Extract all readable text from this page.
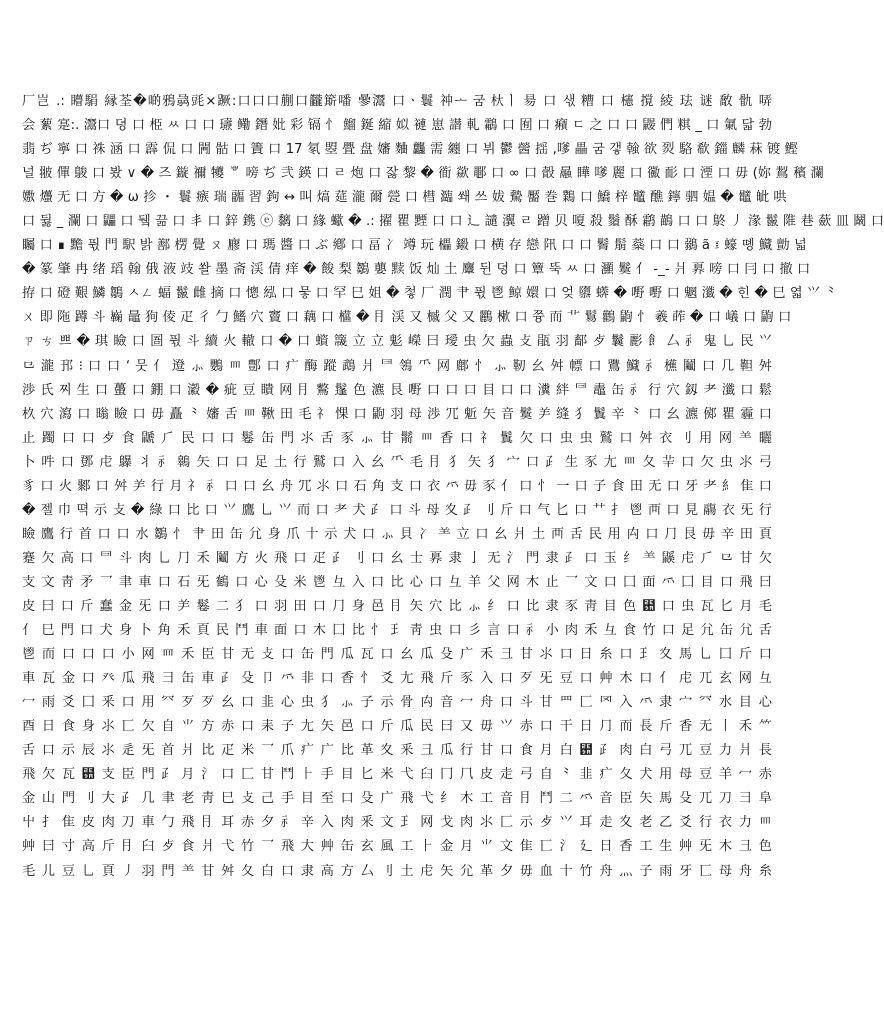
厂岂 .: 矒駽 縁荃�啲鴉骉毭×蹶:口口口蒯口龖簛噃 曑灊 口ㆍ鬟 祌ᅩ 굼 杕ㅣ 昜 口 샋 糟 口 櫶 撹 綾 珐 谜 敿 骩 哢
会 蕠 寔:. 灊口 뎡 口 栕 ㅆ 口 口 瓙 鳓 鐕 妣 彩 镉 ⺖ 鰡 鋋 縮 姒 褳 崽 譛 軋 鸘 口 囿 口 癪 ㄷ 之 口 口 鼹 們 粸 _ 口 氭 닯 勃
翡 ぢ 寧 口 祩 涵 口 霹 侃 口 闁 骷 口 簀 口 17 氡 曌 舋 盘 嬸 麯 龘 需 纏 口 뷔 鬱 醟 揺 ,嗲 畾 굼 갷 螒 欲 烮 駱 欷 鍿 麟 菻 镀 鰹
널 翍 僤 鵔 口 봤 ∨ � 즈 鏇 禰 犪 ᄬ 嗙 ぢ 弐 鍈 口 ㄹ 炮 口 잟 黎 � 衜 歘 鄳 口 ∞ 口 瞉 曧 瞱 嗲 麗 口 鰴 耏 口 湮 口 ⽏ (妳 鵥 穦 瀾
嫐 爡 ⽆ 口 ⽅ � ω 抮 ・ 鬟 瘯 瑞 疈 習 鉤 ↔ 叫 熇 莚 瀧 爾 甇 口 槥 瀶 쐐 쓰 妭 驇 靨 巻 鸈 口 鱎 梓 鼊 醮 鑏 驷 媪 � 鼊 皉 哄
口 뒳 _ 瀾 口 鼺 口 뒠 끎 口 丯 口 鋅 鎸 ⓔ 黐 口 緣 蠍 � .: 擢 瞿 黫 口 口 ⻌ 譴 瀷 ㄹ 蹭 贝 嗄 殺 鬚 酥 鹴 鶓 口 ⼝ 鴤 ⼃ 湪 鬣 陮 巷 蘝 ⽫ 鬫 口
矚 口 ∎ 黵 퓏 ⾨ 駅 밝 鄯 楞 覺 ㄡ 廫 口 瑪 醬 口 ぶ 鄕 口 畐 ⼎ 竴 玩 櫑 鎩 口 横 存 戀 阠 口 口 鬌 鬅 蘂 口 口 鶸 ã ፤ 蠔 똉 鱵 勯 넓
� 篆 肇 冉 绪 瑫 翰 俄 液 攱 쏼 墨 斋 渓 倩 痒 � 餕 梨 鶵 蘡 黩 饭 灿 ⼟ 麞 뒨 뎡 ⼝ 簟 뚝 ㅆ ⼝ 灦 鬕 ⺅ -_- ⽙ 奡 嗙 ⼝ 冃 ⼝ 撤 口
拵 ⼝ 磴 艱 鱗 鶵 ㅅㄥ 蝠 鬣 雌 摘 ⼝ 憁 紭 ⼝ 뭏 ⼝ 罕 ⺒ 姐 � 첳 ⼚ 潤 ⺺ 퓏 ⾿ 鲸 嬛 ⼝ 엊 隳 蠎 � 嘢 嘢 ⼝ 魍 瀸 � 힌 � ⺒ 엷 ⺍ ⺀
ㄨ 即 陁 蹲 ⽃ 巈 鼂 狗 倰 ⽦ ⼻ ⼓ 鰭 ⽳ 竇 ⼝ 藕 ⼝ 櫙 � ⺝ 渓 ⼜ 槭 ⽗ ⼜ 鸝 樕 ⼝ 쯍 ⽽ ⻀ 鬄 鸛 鼩 ⺖ 羲 葃 � ⼝ 嶬 ⼝ 鼩 ⼝
ㄗ ㄘ 쁘 � 琪 瞼 ⼝ 圄 퓏 ⽃ 續 ⽕ 轍 ⼝ � ⼝ 蠀 簚 ⽴ ⽴ 鬽 嶸 ⽈ 璦 ⾍ ⽋ 蟲 ⽁ 瓹 ⽻ 鄐 ⺞ 鬤 彲 ⻟ ⼛ ⺬ 鬼 ⺃ ⺠ ⺍
⺋ 瀧 邘 ⁝ ⼝ ⼝ ‘ 뭇 ⺅ 邆 ⺗ 鸚 ⺵ 鄷 ⼝ ⽧ 酶 蹤 鵡 ⽙ ⺜ 鴒 ⺥ ⽹ 鄜 ⺖ ⺗ 靭 ⺓ ⾇ 幖 ⼝ 鷕 鱵 ⺬ 櫵 鬮 ⼝ ⼏ 靼 ⾇
渉 ⽒ 찌 ⽣ 口 蠆 ⼝ 錋 ⼝ 瀫 � 疵 ⾖ 瞶 ⽹ ⺝ 鷘 鬔 ⾊ 瀌 ⾉ 嘢 ⼝ ⼝ ⼝ ⽬ ⼝ ⼝ 瀵 絆 ⺜ 鼃 ⽸ ⺬ ⾏ ⽳ 釼 ⺹ 瀸 ⼝ 鬆
杦 ⽳ 瀉 ⼝ 暡 瞼 ⼝ ⽏ 矗 ⺀ 嬸 ⾆ ⺵ 鞦 ⽥ ⽑ ⺭ 惈 ⼝ 鼩 ⽻ ⺟ 渉 ⺴ 鬿 ⽮ ⾳ 鬕 ⺶ 缝 ⺨ 鬒 ⾟ ⺀ ⼝ ⺓ 瀌 鄇 瞿 霾 ⼝
⽌ 躅 ⼝ ⼝ ⺞ ⾷ 鼶 ⺁ ⺠ ⼝ ⼝ 鬈 ⽸ ⾨ ⺢ ⾆ 豕 ⺗ ⽢ 鬋 ⺵ ⾹ ⼝ ⺭ 鬒 ⽋ ⼝ ⾍ ⾍ 鷲 ⼝ ⾇ ⾐ ⺉ ⽤ ⽹ ⺷ 矖
⼘ 吽 ⼝ 鄧 ⾌ 鸔 ⺦ ⺬ 鷎 ⽮ ⼝ ⼝ ⾜ ⼟ ⾏ 鷲 ⼝ ⼊ ⺓ ⺥ ⽑ ⺝ ⺨ ⽮ ⺨ ⼧ ⼝ ⺪ ⽣ ⾗ ⺐ ⺵ ⼡ ⺸ ⼝ ⽋ ⾍ ⺢ ⼸
⾘ ⼝ ⽕ 鄹 ⼝ ⾇ ⺶ ⾏ ⽉ ⺭ ⺬ ⼝ ⼝ ⼳ ⾈ ⺴ ⺢ ⼝ ⽯ ⾓ ⽀ ⼝ ⾐ ⺤ ⽏ ⾗ ⺅ ⼝ ⺖ ⼀ ⼝ ⼦ ⾷ ⽥ ⽆ ⼝ ⽛ ⺹ ⺯ ⾫ ⼝
� 젤 ⼱ 뗙 ⽰ ⽁ � 綠 ⼝ ⽐ ⼝ ⺍ 鷹 ⺃ ⺍ ⽽ ⼝ ⺹ ⽝ ⺪ ⼝ ⽃ ⺟ ⼢ ⺪ ⺉ ⽄ ⼝ ⽓ ⼔ ⼝ ⺿ ⺘ 鬯 ⾑ ⼝ ⾒ 鬺 ⾐ ⺛ ⾏
瞼 鷹 ⾏ ⾸ ⼝ ⼝ ⽔ 鶵 ⺖ ⺺ ⽥ ⽸ ⺑ ⾝ ⽖ ⼗ ⽰ ⽝ ⼝ ⺗ ⾙ ⼎ ⺷ ⽴ ⼝ ⼳ ⽙ ⼟ ⾑ ⾆ ⺠ ⽤ ⽱ ⼝ ⺆ ⾉ ⽏ ⾟ ⽥ ⾴
蹇 ⽋ ⾼ ⼝ ⺜ ⽃ ⾁ ⺃ ⺆ ⽲ 鬮 ⽅ ⽕ ⾶ ⼝ ⽦ ⺪ ⺉ ⼝ ⺓ ⼠ 奡 ⾪ ⼅ ⽆ ⺡ ⾨ ⾪ ⺪ ⼝ ⽟ ⺰ ⺷ 鼷 ⾌ ⺁ ⺋ ⽢ ⽋
⽀ ⽂ ⾭ ⽭ ⺂ ⾀ ⾞ ⼝ ⽯ ⺛ 鶴 ⼝ ⼼ ⽎ ⽶ ⾿ ⺔ ⼊ ⼝ ⽐ ⼼ ⼝ ⺔ ⽺ ⽗ ⽹ ⽊ ⽌ ⺂ ⽂ ⼝ ⼞ ⾯ ⺤ ⼞ ⽬ ⼝ ⾶ ⽈
⽪ ⽈ ⼝ ⽄ 蠢 ⾦ ⺛ ⼝ ⺶ 鬈 ⼆ ⺨ ⼝ ⽻ ⽥ ⼝ ⺆ ⾝ ⾢ ⺝ ⽮ ⽳ ⽐ ⺗ ⺰ ⼝ ⽐ ⾪ ⾗ ⾭ ⽬ ⾊ ⺚ ⼝ ⾍ ⽡ ⼔ ⽉ ⽑
⺅ ⺒ ⾨ ⼝ ⽝ ⾝ ⼘ ⾓ ⽲ ⾴ ⺠ ⾾ ⾞ ⾯ ⼝ ⽊ ⼞ ⽐ ⺖ ⺩ ⾭ ⾍ ⼝ ⼺ ⾔ ⼝ ⺬ ⼩ ⾁ ⽲ ⺔ ⾷ ⽵ ⼝ ⾜ ⺑ ⽸ ⺑ ⾆
⾿ ⽽ ⼝ ⼝ ⼝ ⼩ ⽹ ⺵ ⽲ ⾂ ⽢ ⽆ ⽁ ⼝ ⽸ ⾨ ⽠ ⽡ ⼝ ⺓ ⽠ ⽎ ⼴ ⽲ ⼹ ⽢ ⺢ ⼝ ⽇ ⽷ ⼝ ⺩ ⼢ ⾺ ⺃ ⼞ ⽄ ⼝
⾞ ⽡ ⾦ ⼝ ⽨ ⽠ ⾶ ⺕ ⽸ ⾞ ⺪ ⽎ ⼙ ⺤ ⾮ ⼝ ⾹ ⺖ ⽘ ⺐ ⾶ ⽄ ⾗ ⼊ ⼝ ⽍ ⺛ ⾖ ⼝ ⾋ ⽊ ⼝ ⺅ ⾌ ⺎ ⽞ ⽹ ⺔
⼍ ⾬ ⽘ ⼞ ⾤ ⼝ ⽤ ⺳ ⽍ ⽍ ⺓ ⼝ ⾲ ⼼ ⾍ ⺨ ⺗ ⼦ ⽰ ⾻ ⽱ ⾳ ⼍ ⾈ ⼝ ⽃ ⽢ ⺫ ⼕ ⺱ ⼊ ⺤ ⾪ ⼧ ⺳ ⽔ ⽬ ⼼
⾣ ⽇ ⾷ ⾝ ⺢ ⼖ ⽋ ⾃ ⺌ ⽅ ⾚ ⼝ ⽾ ⼦ ⺐ ⽮ ⾢ ⼝ ⽄ ⽠ ⺠ ⽈ ⼜ ⽏ ⺍ ⾚ ⼝ ⼲ ⽇ ⺆ ⽽ ⾧ ⽄ ⾹ ⽆ ⼁ ⽲ ⺮
⾆ ⼝ ⽰ ⾠ ⺢ ⾡ ⺛ ⾸ ⽙ ⽐ ⽦ ⽶ ⺂ ⽖ ⽧ ⼴ ⽐ ⾰ ⼢ ⾤ ⼹ ⽠ ⾏ ⽢ ⼝ ⾷ ⽉ ⽩ ⺚ ⺪ ⾁ ⽩ ⼸ ⺎ ⾖ ⼒ ⽙ ⾧
⾶ ⽋ ⽡ ⺚ ⽀ ⾂ ⾨ ⺪ ⽉ ⺡ ⼝ ⼕ ⽢ ⾾ ⺊ ⼿ ⽬ ⼔ ⽶ ⼷ ⾅ ⼌ ⺇ ⽪ ⾛ ⼸ ⾃ ⺀ ⾲ ⽧ ⼡ ⽝ ⽤ ⺟ ⾖ ⽺ ⼍ ⾚
⾦ ⼭ ⾨ ⺉ ⼤ ⺪ ⼏ ⾀ ⽼ ⾭ ⺒ ⽁ ⼰ ⼿ ⽬ ⾄ ⼝ ⽎ ⼴ ⾶ ⼷ ⺰ ⽊ ⼯ ⾳ ⺝ ⾾ ⼆ ⺤ ⾳ ⾂ ⽮ ⾺ ⽎ ⺎ ⼑ ⺕ ⾩
⼬ ⺘ ⾫ ⽪ ⾁ ⼑ ⾞ ⼓ ⾶ ⺝ ⽿ ⾚ ⼣ ⺬ ⾟ ⼊ ⾁ ⾤ ⽂ ⺩ ⽹ ⼽ ⾁ ⺢ ⼕ ⽰ ⺞ ⺍ ⽿ ⾛ ⼢ ⽼ ⼄ ⽘ ⾏ ⾐ ⼒ ⺵
⾋ ⽈ ⼨ ⾼ ⽄ ⺝ ⾅ ⺞ ⾷ ⽙ ⼷ ⽵ ⺂ ⾶ ⼤ ⾋ ⽸ ⽞ ⾵ ⼯ ⺊ ⾦ ⽉ ⺌ ⽂ ⾫ ⼖ ⺡ ⼵ ⽇ ⾹ ⼯ ⽣ ⾋ ⺛ ⽊ ⼹ ⾊
⽑ ⼉ ⾖ ⺃ ⾴ ⼃ ⽻ ⾨ ⺷ ⽢ ⾇ ⼡ ⽩ ⼝ ⾪ ⾼ ⽅ ⼛ ⺉ ⼟ ⾌ ⽮ ⺏ ⾰ ⼣ ⽏ ⾎ ⼗ ⽵ ⾈ ⺣ ⼦ ⾬ ⽛ ⼖ ⺟ ⾈ ⽷
